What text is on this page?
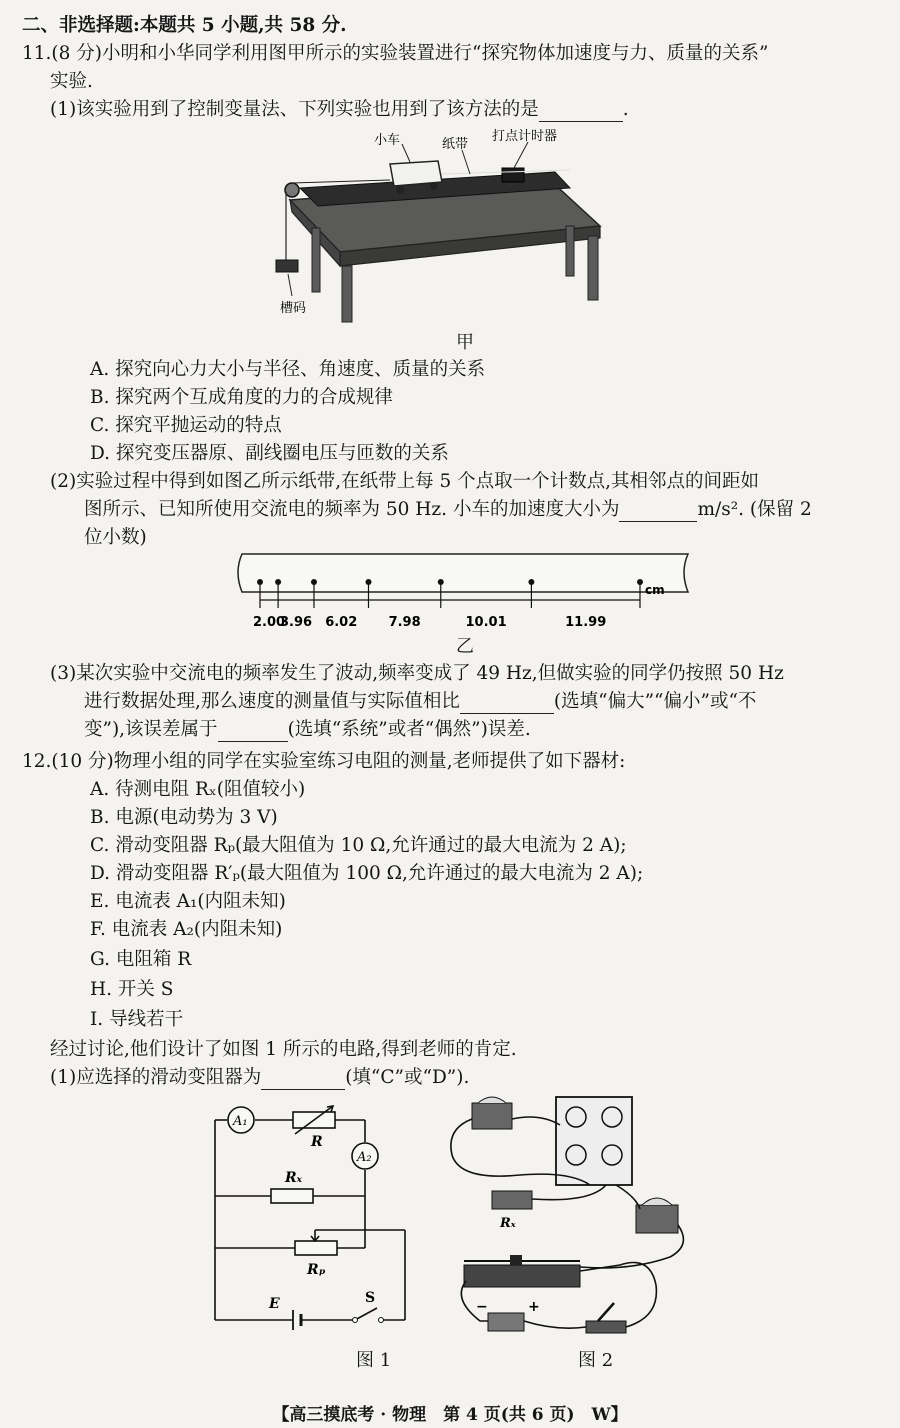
二、非选择题:本题共 5 小题,共 58 分.
11.(8 分)小明和小华同学利用图甲所示的实验装置进行“探究物体加速度与力、质量的关系”
实验.
(1)该实验用到了控制变量法、下列实验也用到了该方法的是	.
小车	纸带
打点计时器
槽码
甲
A. 探究向心力大小与半径、角速度、质量的关系
B. 探究两个互成角度的力的合成规律
C. 探究平抛运动的特点
D. 探究变压器原、副线圈电压与匝数的关系
(2)实验过程中得到如图乙所示纸带,在纸带上每 5 个点取一个计数点,其相邻点的间距如
图所示、已知所使用交流电的频率为 50 Hz. 小车的加速度大小为	m/s². (保留 2
位小数)
2.00
3.96 6.02 7.98	10.01	11.99
cm
乙
(3)某次实验中交流电的频率发生了波动,频率变成了 49 Hz,但做实验的同学仍按照 50 Hz
进行数据处理,那么速度的测量值与实际值相比	(选填“偏大”“偏小”或“不
变”),该误差属于	(选填“系统”或者“偶然”)误差.
12.(10 分)物理小组的同学在实验室练习电阻的测量,老师提供了如下器材:
A. 待测电阻 Rₓ(阻值较小)
B. 电源(电动势为 3 V)
C. 滑动变阻器 Rₚ(最大阻值为 10 Ω,允许通过的最大电流为 2 A);
D. 滑动变阻器 R′ₚ(最大阻值为 100 Ω,允许通过的最大电流为 2 A);
E. 电流表 A₁(内阻未知)
F. 电流表 A₂(内阻未知)
G. 电阻箱 R
H. 开关 S
I. 导线若干
经过讨论,他们设计了如图 1 所示的电路,得到老师的肯定.
(1)应选择的滑动变阻器为	(填“C”或“D”).
A₁
A₂
R
Rₓ
Rₚ
E	S
图 1
Rₓ
−	+
图 2
【高三摸底考 · 物理　第 4 页(共 6 页)　W】
